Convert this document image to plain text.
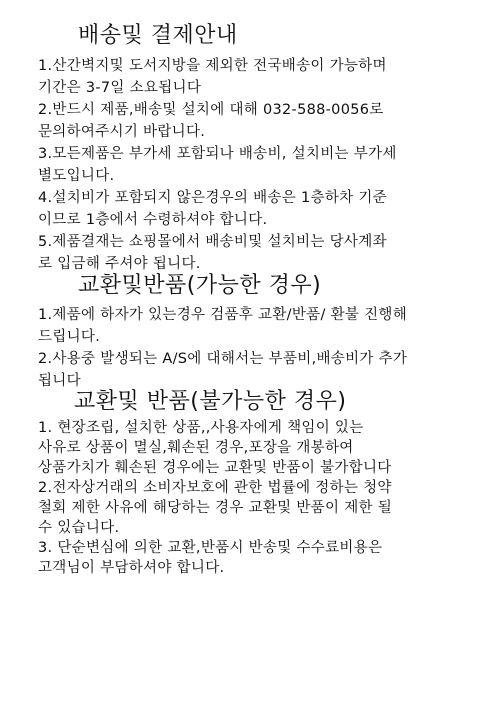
배송및 결제안내

1.산간벽지및 도서지방을 제외한 전국배송이 가능하며

기간은 3-7일 소요됩니다

2.반드시 제품,배송및 설치에 대해 032-588-0056로

문의하여주시기 바랍니다.

3.모든제품은 부가세 포함되나 배송비, 설치비는 부가세

별도입니다.

4.설치비가 포함되지 않은경우의 배송은 1층하차 기준

이므로 1층에서 수령하셔야 합니다.

5.제품결재는 쇼핑몰에서 배송비및 설치비는 당사계좌

로 입금해 주셔야 됩니다.

교환및반품(가능한 경우)

1.제품에 하자가 있는경우 검품후 교환/반품/ 환불 진행해

드립니다.

2.사용중 발생되는 A/S에 대해서는 부품비,배송비가 추가

됩니다

교환및 반품(불가능한 경우)

1. 현장조립, 설치한 상품,,사용자에게 책임이 있는

사유로 상품이 멸실,훼손된 경우,포장을 개봉하여

상품가치가 훼손된 경우에는 교환및 반품이 불가합니다

2.전자상거래의 소비자보호에 관한 법률에 정하는 청약

철회 제한 사유에 해당하는 경우 교환및 반품이 제한 될

수 있습니다.

3. 단순변심에 의한 교환,반품시 반송및 수수료비용은

고객님이 부담하셔야 합니다.
